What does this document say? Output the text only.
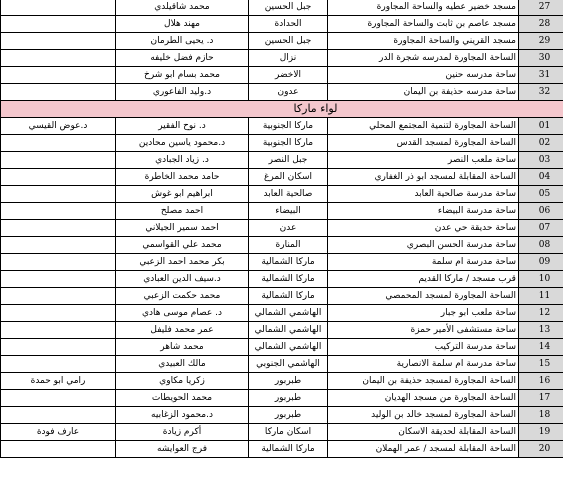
	محمد شاقيلدي	جبل الحسين	مسجد خضير عطيه والساحة المجاورة	27
	مهند هلال	الحدادة	مسجد عاصم بن ثابت والساحة المجاورة	28
	د. يحيى الطرمان	جبل الحسين	مسجد القريني والساحة المجاورة	29
	حازم فضل خليفه	نزال	الساحة المجاورة لمدرسه شجرة الدر	30
	محمد بسام ابو شرخ	الاخضر	ساحة مدرسه حنين	31
	د.وليد الفاعوري	عدون	ساحة مدرسه حذيفة بن اليمان	32
لواء ماركا				
د.عوض القيسي	د. نوح الفقير	ماركا الجنوبية	الساحة المجاورة لتنمية المجتمع المحلي	01
	د.محمود ياسين محادين	ماركا الجنوبية	الساحة المجاورة لمسجد القدس	02
	د. زياد الجبادي	جبل النصر	ساحة ملعب النصر	03
	حامد محمد الخاطرة	اسكان المرغ	الساحة المقابلة لمسجد ابو ذر الغفاري	04
	ابراهيم ابو غوش	صالحية العابد	ساحة مدرسة صالحية العابد	05
	احمد مصلح	البيضاء	ساحة مدرسة البيضاء	06
	احمد سمير الجيلاني	عدن	ساحة حديقة حي عدن	07
	محمد علي القواسمي	المنارة	ساحة مدرسة الحسن البصري	08
	بكر محمد احمد الزعبي	ماركا الشمالية	ساحة مدرسة ام سلمة	09
	د.سيف الدين العبادي	ماركا الشمالية	قرب مسجد / ماركا القديم	10
	محمد حكمت الزعبي	ماركا الشمالية	الساحة المجاورة لمسجد المحمصي	11
	د. عصام موسى هادي	الهاشمي الشمالي	ساحة ملعب ابو جبار	12
	عمر محمد فليفل	الهاشمي الشمالي	ساحة مستشفى الأمير حمزة	13
	محمد شاهر	الهاشمي الشمالي	ساحة مدرسة التركيب	14
	مالك العبيدي	الهاشمي الجنوبي	ساحة مدرسة ام سلمة الانصارية	15
رامي ابو حمدة	زكريا مكاوي	طبربور	الساحة المجاورة لمسجد حذيفة بن اليمان	16
	محمد الحويطات	طبربور	الساحة المجاورة من مسجد الهديان	17
	د.محمود الزغابيه	طبربور	الساحة المجاورة لمسجد خالد بن الوليد	18
عارف فودة	أكرم زيادة	اسكان ماركا	الساحة المقابلة لحديقة الاسكان	19
	فرج العوايشه	ماركا الشمالية	الساحة المقابلة لمسجد / عمر الهملان	20
